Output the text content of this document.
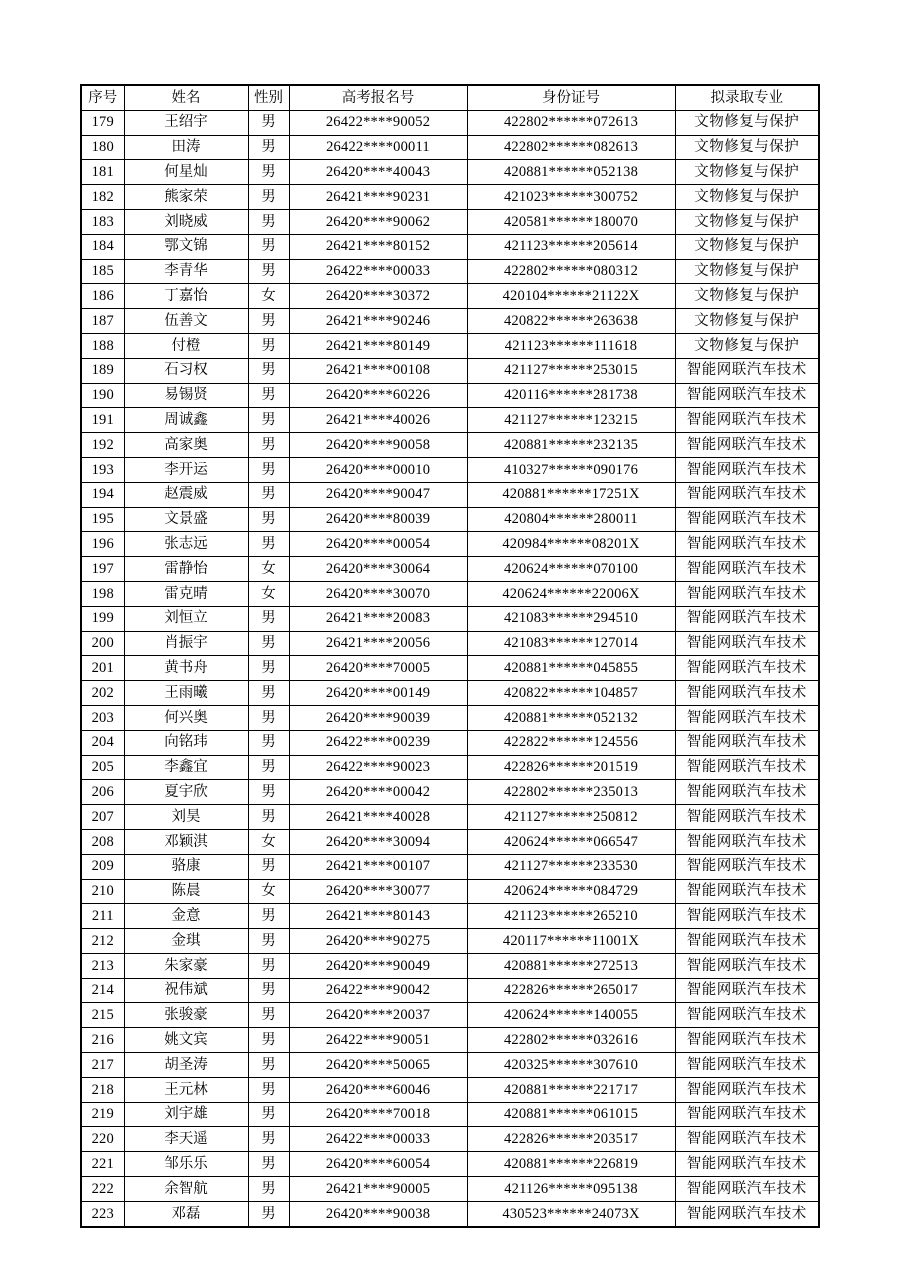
序号	姓名	性别	高考报名号	身份证号	拟录取专业
179	王绍宇	男	26422****90052	422802******072613	文物修复与保护
180	田涛	男	26422****00011	422802******082613	文物修复与保护
181	何星灿	男	26420****40043	420881******052138	文物修复与保护
182	熊家荣	男	26421****90231	421023******300752	文物修复与保护
183	刘晓威	男	26420****90062	420581******180070	文物修复与保护
184	鄂文锦	男	26421****80152	421123******205614	文物修复与保护
185	李青华	男	26422****00033	422802******080312	文物修复与保护
186	丁嘉怡	女	26420****30372	420104******21122X	文物修复与保护
187	伍善文	男	26421****90246	420822******263638	文物修复与保护
188	付橙	男	26421****80149	421123******111618	文物修复与保护
189	石习权	男	26421****00108	421127******253015	智能网联汽车技术
190	易锡贤	男	26420****60226	420116******281738	智能网联汽车技术
191	周诚鑫	男	26421****40026	421127******123215	智能网联汽车技术
192	高家奥	男	26420****90058	420881******232135	智能网联汽车技术
193	李开运	男	26420****00010	410327******090176	智能网联汽车技术
194	赵震威	男	26420****90047	420881******17251X	智能网联汽车技术
195	文景盛	男	26420****80039	420804******280011	智能网联汽车技术
196	张志远	男	26420****00054	420984******08201X	智能网联汽车技术
197	雷静怡	女	26420****30064	420624******070100	智能网联汽车技术
198	雷克晴	女	26420****30070	420624******22006X	智能网联汽车技术
199	刘恒立	男	26421****20083	421083******294510	智能网联汽车技术
200	肖振宇	男	26421****20056	421083******127014	智能网联汽车技术
201	黄书舟	男	26420****70005	420881******045855	智能网联汽车技术
202	王雨曦	男	26420****00149	420822******104857	智能网联汽车技术
203	何兴奥	男	26420****90039	420881******052132	智能网联汽车技术
204	向铭玮	男	26422****00239	422822******124556	智能网联汽车技术
205	李鑫宜	男	26422****90023	422826******201519	智能网联汽车技术
206	夏宇欣	男	26420****00042	422802******235013	智能网联汽车技术
207	刘昊	男	26421****40028	421127******250812	智能网联汽车技术
208	邓颖淇	女	26420****30094	420624******066547	智能网联汽车技术
209	骆康	男	26421****00107	421127******233530	智能网联汽车技术
210	陈晨	女	26420****30077	420624******084729	智能网联汽车技术
211	金意	男	26421****80143	421123******265210	智能网联汽车技术
212	金琪	男	26420****90275	420117******11001X	智能网联汽车技术
213	朱家豪	男	26420****90049	420881******272513	智能网联汽车技术
214	祝伟斌	男	26422****90042	422826******265017	智能网联汽车技术
215	张骏豪	男	26420****20037	420624******140055	智能网联汽车技术
216	姚文宾	男	26422****90051	422802******032616	智能网联汽车技术
217	胡圣涛	男	26420****50065	420325******307610	智能网联汽车技术
218	王元林	男	26420****60046	420881******221717	智能网联汽车技术
219	刘宇雄	男	26420****70018	420881******061015	智能网联汽车技术
220	李天遥	男	26422****00033	422826******203517	智能网联汽车技术
221	邹乐乐	男	26420****60054	420881******226819	智能网联汽车技术
222	余智航	男	26421****90005	421126******095138	智能网联汽车技术
223	邓磊	男	26420****90038	430523******24073X	智能网联汽车技术
